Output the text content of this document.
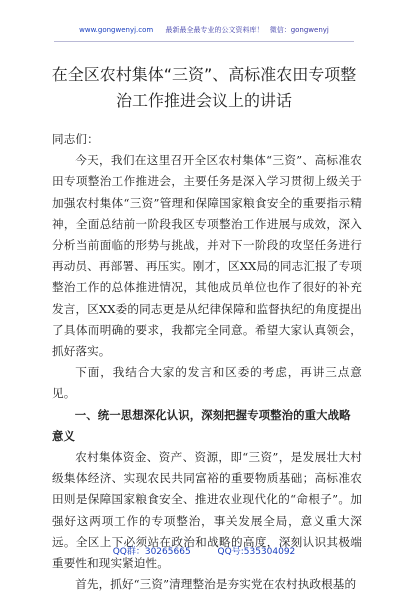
www.gongwenyj.com 最新最全最专业的公文资料库！ 微信：gongwenyj
在全区农村集体“三资”、高标准农田专项整
治工作推进会议上的讲话

同志们：

今天，我们在这里召开全区农村集体“三资”、高标准农田专项整治工作推进会，主要任务是深入学习贯彻上级关于加强农村集体“三资”管理和保障国家粮食安全的重要指示精神，全面总结前一阶段我区专项整治工作进展与成效，深入分析当前面临的形势与挑战，并对下一阶段的攻坚任务进行再动员、再部署、再压实。刚才，区XX局的同志汇报了专项整治工作的总体推进情况，其他成员单位也作了很好的补充发言，区XX委的同志更是从纪律保障和监督执纪的角度提出了具体而明确的要求，我都完全同意。希望大家认真领会，抓好落实。

下面，我结合大家的发言和区委的考虑，再讲三点意见。

一、统一思想深化认识，深刻把握专项整治的重大战略意义

农村集体资金、资产、资源，即“三资”，是发展壮大村级集体经济、实现农民共同富裕的重要物质基础；高标准农田则是保障国家粮食安全、推进农业现代化的“命根子”。加强好这两项工作的专项整治，事关发展全局，意义重大深远。全区上下必须站在政治和战略的高度，深刻认识其极端重要性和现实紧迫性。

首先，抓好“三资”清理整治是夯实党在农村执政根基的

QQ群：30265665	QQ号:535304092
